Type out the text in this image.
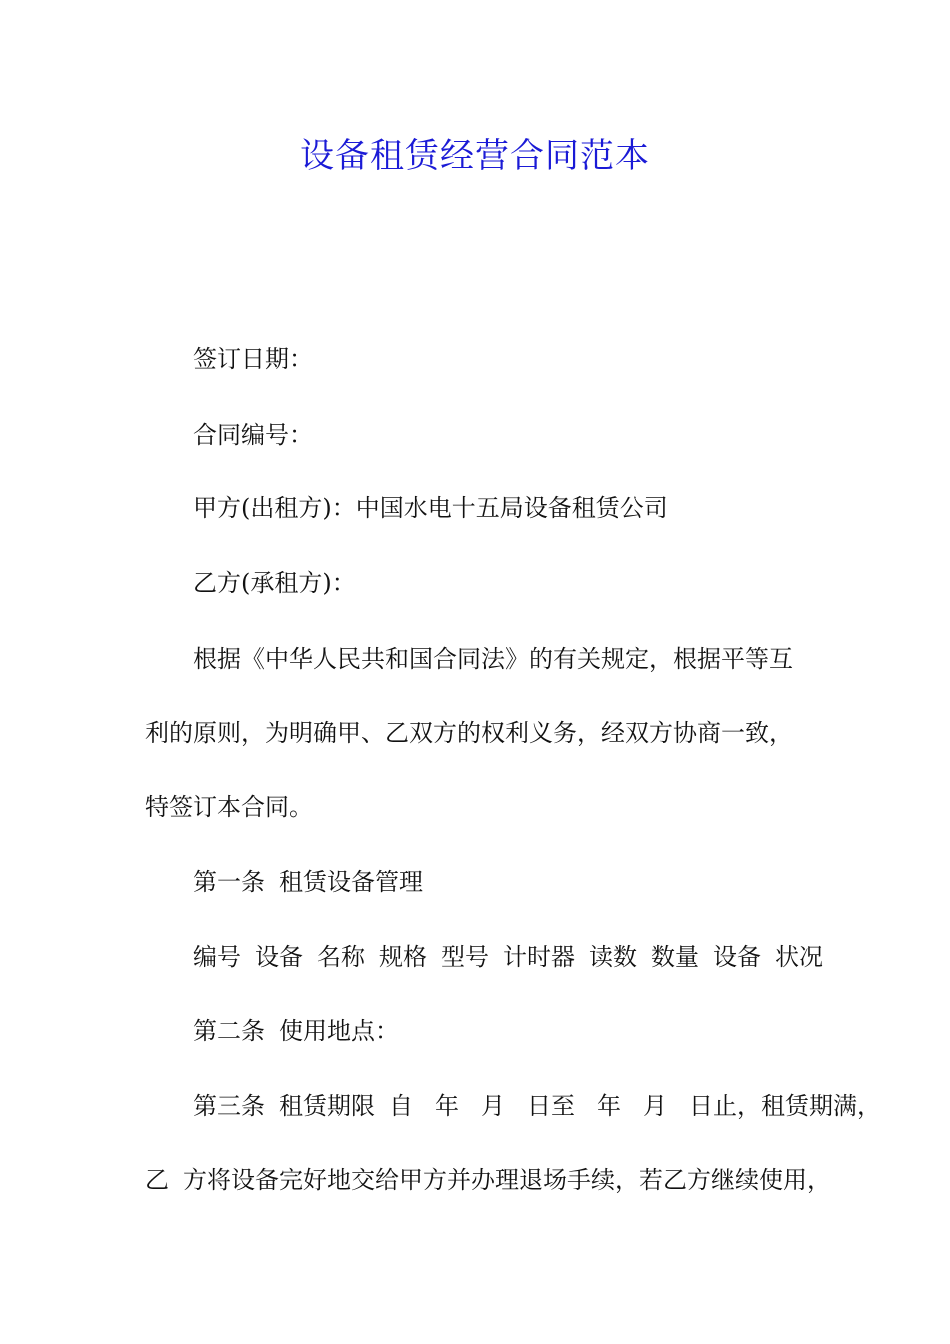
设备租赁经营合同范本

签订日期：

合同编号：

甲方(出租方)：中国水电十五局设备租赁公司

乙方(承租方)：

根据《中华人民共和国合同法》的有关规定，根据平等互

利的原则，为明确甲、乙双方的权利义务，经双方协商一致，

特签订本合同。

第一条 租赁设备管理

编号 设备 名称 规格 型号 计时器 读数 数量 设备 状况

第二条 使用地点：

第三条 租赁期限 自 年 月 日至 年 月 日止，租赁期满，

乙 方将设备完好地交给甲方并办理退场手续，若乙方继续使用，
